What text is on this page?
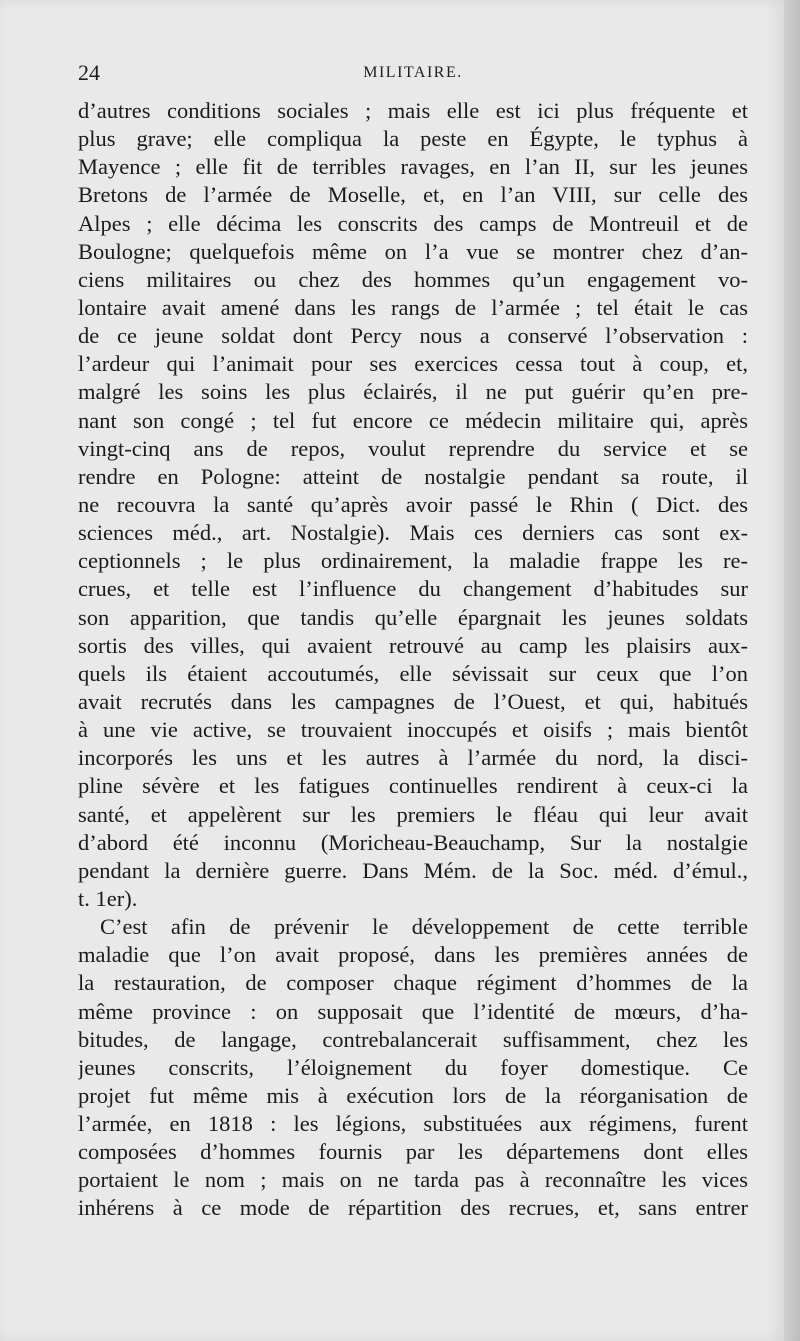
24	MILITAIRE.
d’autres conditions sociales ; mais elle est ici plus fréquente et
plus grave; elle compliqua la peste en Égypte, le typhus à
Mayence ; elle fit de terribles ravages, en l’an II, sur les jeunes
Bretons de l’armée de Moselle, et, en l’an VIII, sur celle des
Alpes ; elle décima les conscrits des camps de Montreuil et de
Boulogne; quelquefois même on l’a vue se montrer chez d’an-
ciens militaires ou chez des hommes qu’un engagement vo-
lontaire avait amené dans les rangs de l’armée ; tel était le cas
de ce jeune soldat dont Percy nous a conservé l’observation :
l’ardeur qui l’animait pour ses exercices cessa tout à coup, et,
malgré les soins les plus éclairés, il ne put guérir qu’en pre-
nant son congé ; tel fut encore ce médecin militaire qui, après
vingt-cinq ans de repos, voulut reprendre du service et se
rendre en Pologne: atteint de nostalgie pendant sa route, il
ne recouvra la santé qu’après avoir passé le Rhin ( Dict. des
sciences méd., art. Nostalgie). Mais ces derniers cas sont ex-
ceptionnels ; le plus ordinairement, la maladie frappe les re-
crues, et telle est l’influence du changement d’habitudes sur
son apparition, que tandis qu’elle épargnait les jeunes soldats
sortis des villes, qui avaient retrouvé au camp les plaisirs aux-
quels ils étaient accoutumés, elle sévissait sur ceux que l’on
avait recrutés dans les campagnes de l’Ouest, et qui, habitués
à une vie active, se trouvaient inoccupés et oisifs ; mais bientôt
incorporés les uns et les autres à l’armée du nord, la disci-
pline sévère et les fatigues continuelles rendirent à ceux-ci la
santé, et appelèrent sur les premiers le fléau qui leur avait
d’abord été inconnu (Moricheau-Beauchamp, Sur la nostalgie
pendant la dernière guerre. Dans Mém. de la Soc. méd. d’émul.,
t. 1er).
C’est afin de prévenir le développement de cette terrible
maladie que l’on avait proposé, dans les premières années de
la restauration, de composer chaque régiment d’hommes de la
même province : on supposait que l’identité de mœurs, d’ha-
bitudes, de langage, contrebalancerait suffisamment, chez les
jeunes conscrits, l’éloignement du foyer domestique. Ce
projet fut même mis à exécution lors de la réorganisation de
l’armée, en 1818 : les légions, substituées aux régimens, furent
composées d’hommes fournis par les départemens dont elles
portaient le nom ; mais on ne tarda pas à reconnaître les vices
inhérens à ce mode de répartition des recrues, et, sans entrer
